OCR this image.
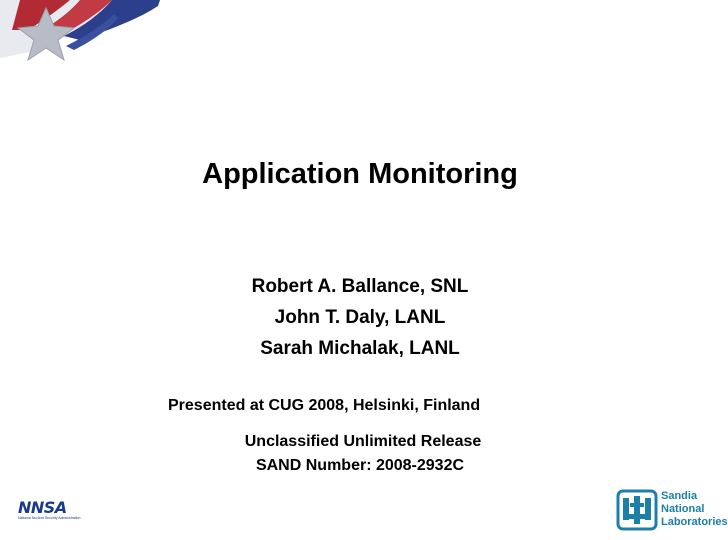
Application Monitoring
Robert A. Ballance, SNL
John T. Daly, LANL
Sarah Michalak, LANL
Presented at CUG 2008, Helsinki, Finland
Unclassified Unlimited Release
SAND Number: 2008-2932C
NNSA
National Nuclear Security Administration
Sandia
National
Laboratories
